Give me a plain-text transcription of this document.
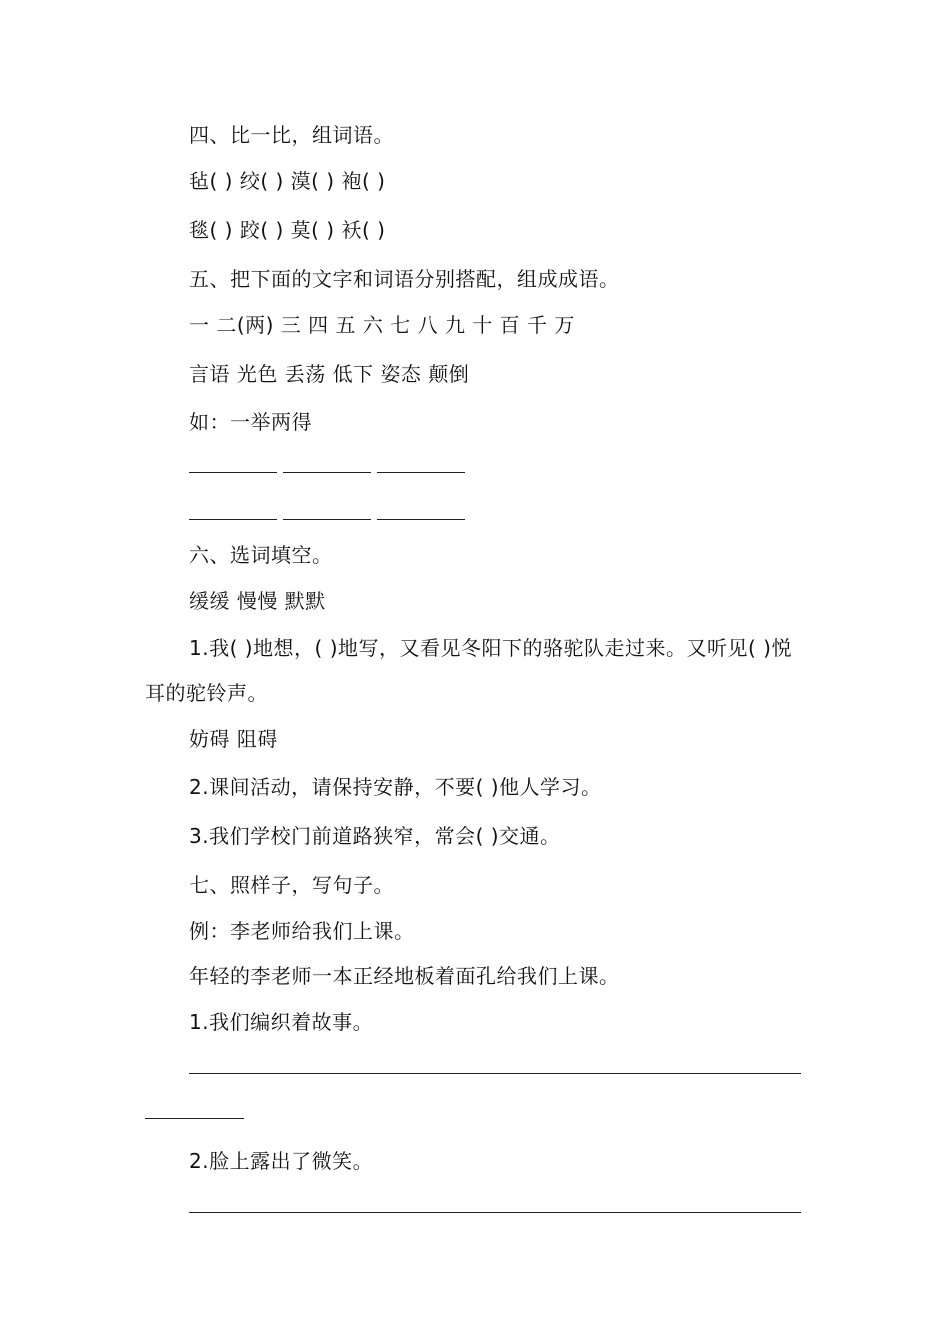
四、比一比，组词语。
毡( ) 绞( ) 漠( ) 袍( )
毯( ) 跤( ) 莫( ) 袄( )
五、把下面的文字和词语分别搭配，组成成语。
一 二(两) 三 四 五 六 七 八 九 十 百 千 万
言语 光色 丢荡 低下 姿态 颠倒
如：一举两得
六、选词填空。
缓缓 慢慢 默默
1.我( )地想，( )地写，又看见冬阳下的骆驼队走过来。又听见( )悦
耳的驼铃声。
妨碍 阻碍
2.课间活动，请保持安静，不要( )他人学习。
3.我们学校门前道路狭窄，常会( )交通。
七、照样子，写句子。
例：李老师给我们上课。
年轻的李老师一本正经地板着面孔给我们上课。
1.我们编织着故事。
2.脸上露出了微笑。
